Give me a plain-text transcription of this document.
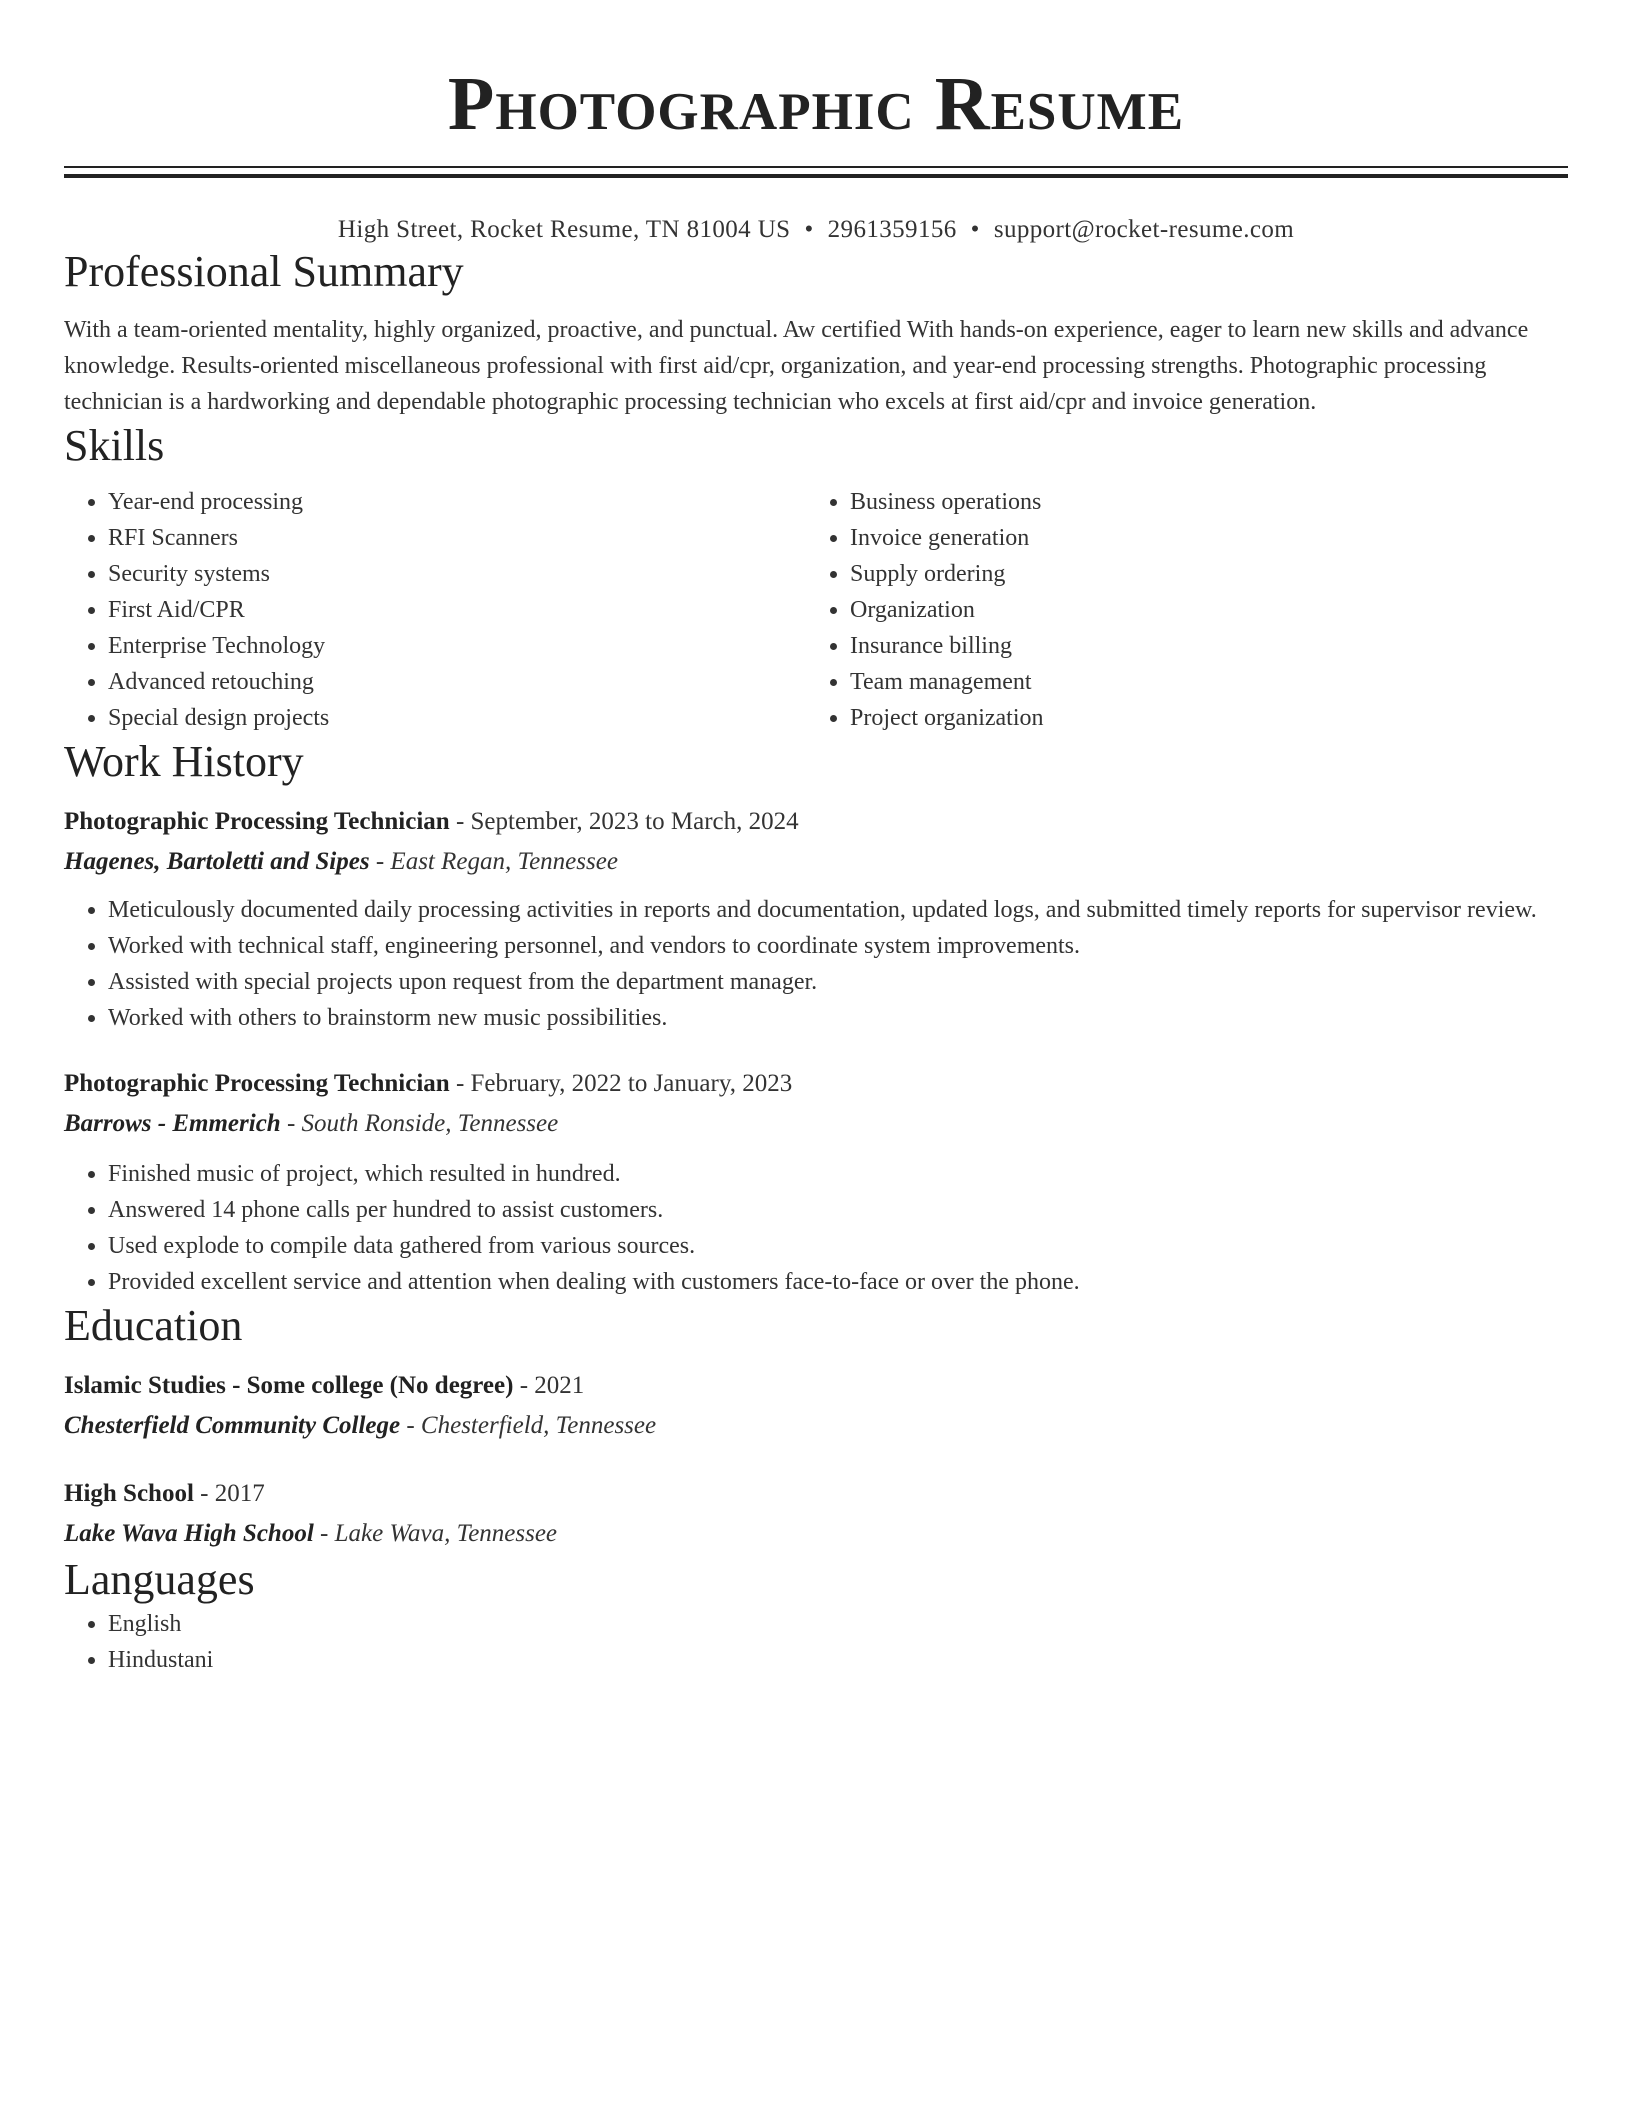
Photographic Resume
High Street, Rocket Resume, TN 81004 US • 2961359156 • support@rocket-resume.com
Professional Summary

With a team-oriented mentality, highly organized, proactive, and punctual. Aw certified With hands-on experience, eager to learn new skills and advance knowledge. Results-oriented miscellaneous professional with first aid/cpr, organization, and year-end processing strengths. Photographic processing technician is a hardworking and dependable photographic processing technician who excels at first aid/cpr and invoice generation.

Skills
• Year-end processing
• RFI Scanners
• Security systems
• First Aid/CPR
• Enterprise Technology
• Advanced retouching
• Special design projects
• Business operations
• Invoice generation
• Supply ordering
• Organization
• Insurance billing
• Team management
• Project organization
Work History

Photographic Processing Technician - September, 2023 to March, 2024

Hagenes, Bartoletti and Sipes - East Regan, Tennessee

• Meticulously documented daily processing activities in reports and documentation, updated logs, and submitted timely reports for supervisor review.
• Worked with technical staff, engineering personnel, and vendors to coordinate system improvements.
• Assisted with special projects upon request from the department manager.
• Worked with others to brainstorm new music possibilities.

Photographic Processing Technician - February, 2022 to January, 2023

Barrows - Emmerich - South Ronside, Tennessee

• Finished music of project, which resulted in hundred.
• Answered 14 phone calls per hundred to assist customers.
• Used explode to compile data gathered from various sources.
• Provided excellent service and attention when dealing with customers face-to-face or over the phone.
Education

Islamic Studies - Some college (No degree) - 2021

Chesterfield Community College - Chesterfield, Tennessee

High School - 2017

Lake Wava High School - Lake Wava, Tennessee

Languages
• English
• Hindustani
